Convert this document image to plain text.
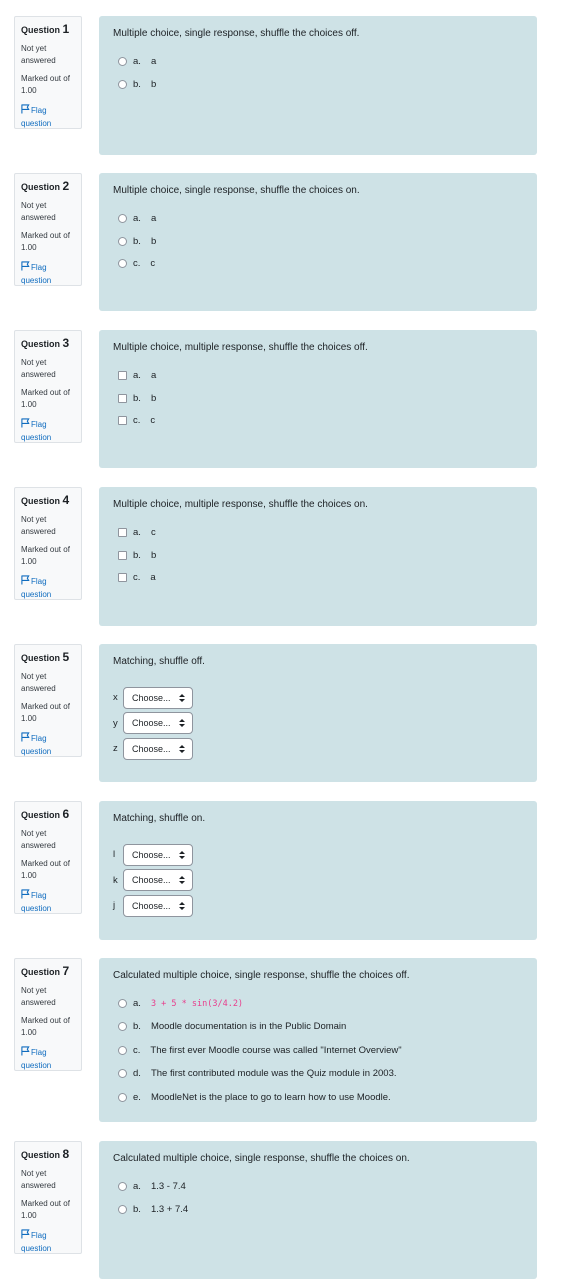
Question 1
Not yet
answered
Marked out of
1.00
Flag
question
Multiple choice, single response, shuffle the choices off.
a. a
b. b
Question 2
Not yet
answered
Marked out of
1.00
Flag
question
Multiple choice, single response, shuffle the choices on.
a. a
b. b
c. c
Question 3
Not yet
answered
Marked out of
1.00
Flag
question
Multiple choice, multiple response, shuffle the choices off.
a. a
b. b
c. c
Question 4
Not yet
answered
Marked out of
1.00
Flag
question
Multiple choice, multiple response, shuffle the choices on.
a. c
b. b
c. a
Question 5
Not yet
answered
Marked out of
1.00
Flag
question
Matching, shuffle off.
x	Choose...
y	Choose...
z	Choose...
Question 6
Not yet
answered
Marked out of
1.00
Flag
question
Matching, shuffle on.
l	Choose...
k	Choose...
j	Choose...
Question 7
Not yet
answered
Marked out of
1.00
Flag
question
Calculated multiple choice, single response, shuffle the choices off.
a. 3 + 5 * sin(3/4.2)
b. Moodle documentation is in the Public Domain
c. The first ever Moodle course was called "Internet Overview"
d. The first contributed module was the Quiz module in 2003.
e. MoodleNet is the place to go to learn how to use Moodle.
Question 8
Not yet
answered
Marked out of
1.00
Flag
question
Calculated multiple choice, single response, shuffle the choices on.
a. 1.3 - 7.4
b. 1.3 + 7.4
